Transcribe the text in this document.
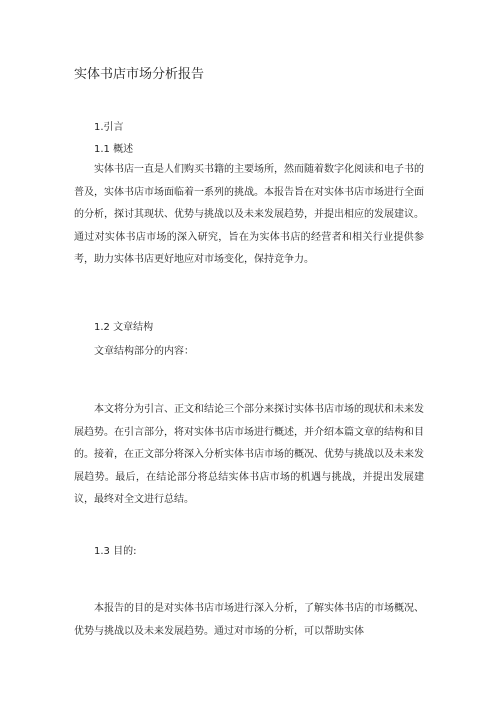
实体书店市场分析报告
1.引言
1.1 概述

实体书店一直是人们购买书籍的主要场所，然而随着数字化阅读和电子书的普及，实体书店市场面临着一系列的挑战。本报告旨在对实体书店市场进行全面的分析，探讨其现状、优势与挑战以及未来发展趋势，并提出相应的发展建议。通过对实体书店市场的深入研究，旨在为实体书店的经营者和相关行业提供参考，助力实体书店更好地应对市场变化，保持竞争力。

1.2 文章结构
文章结构部分的内容：

本文将分为引言、正文和结论三个部分来探讨实体书店市场的现状和未来发展趋势。在引言部分，将对实体书店市场进行概述，并介绍本篇文章的结构和目的。接着，在正文部分将深入分析实体书店市场的概况、优势与挑战以及未来发展趋势。最后，在结论部分将总结实体书店市场的机遇与挑战，并提出发展建议，最终对全文进行总结。

1.3 目的:

本报告的目的是对实体书店市场进行深入分析，了解实体书店的市场概况、优势与挑战以及未来发展趋势。通过对市场的分析，可以帮助实体
